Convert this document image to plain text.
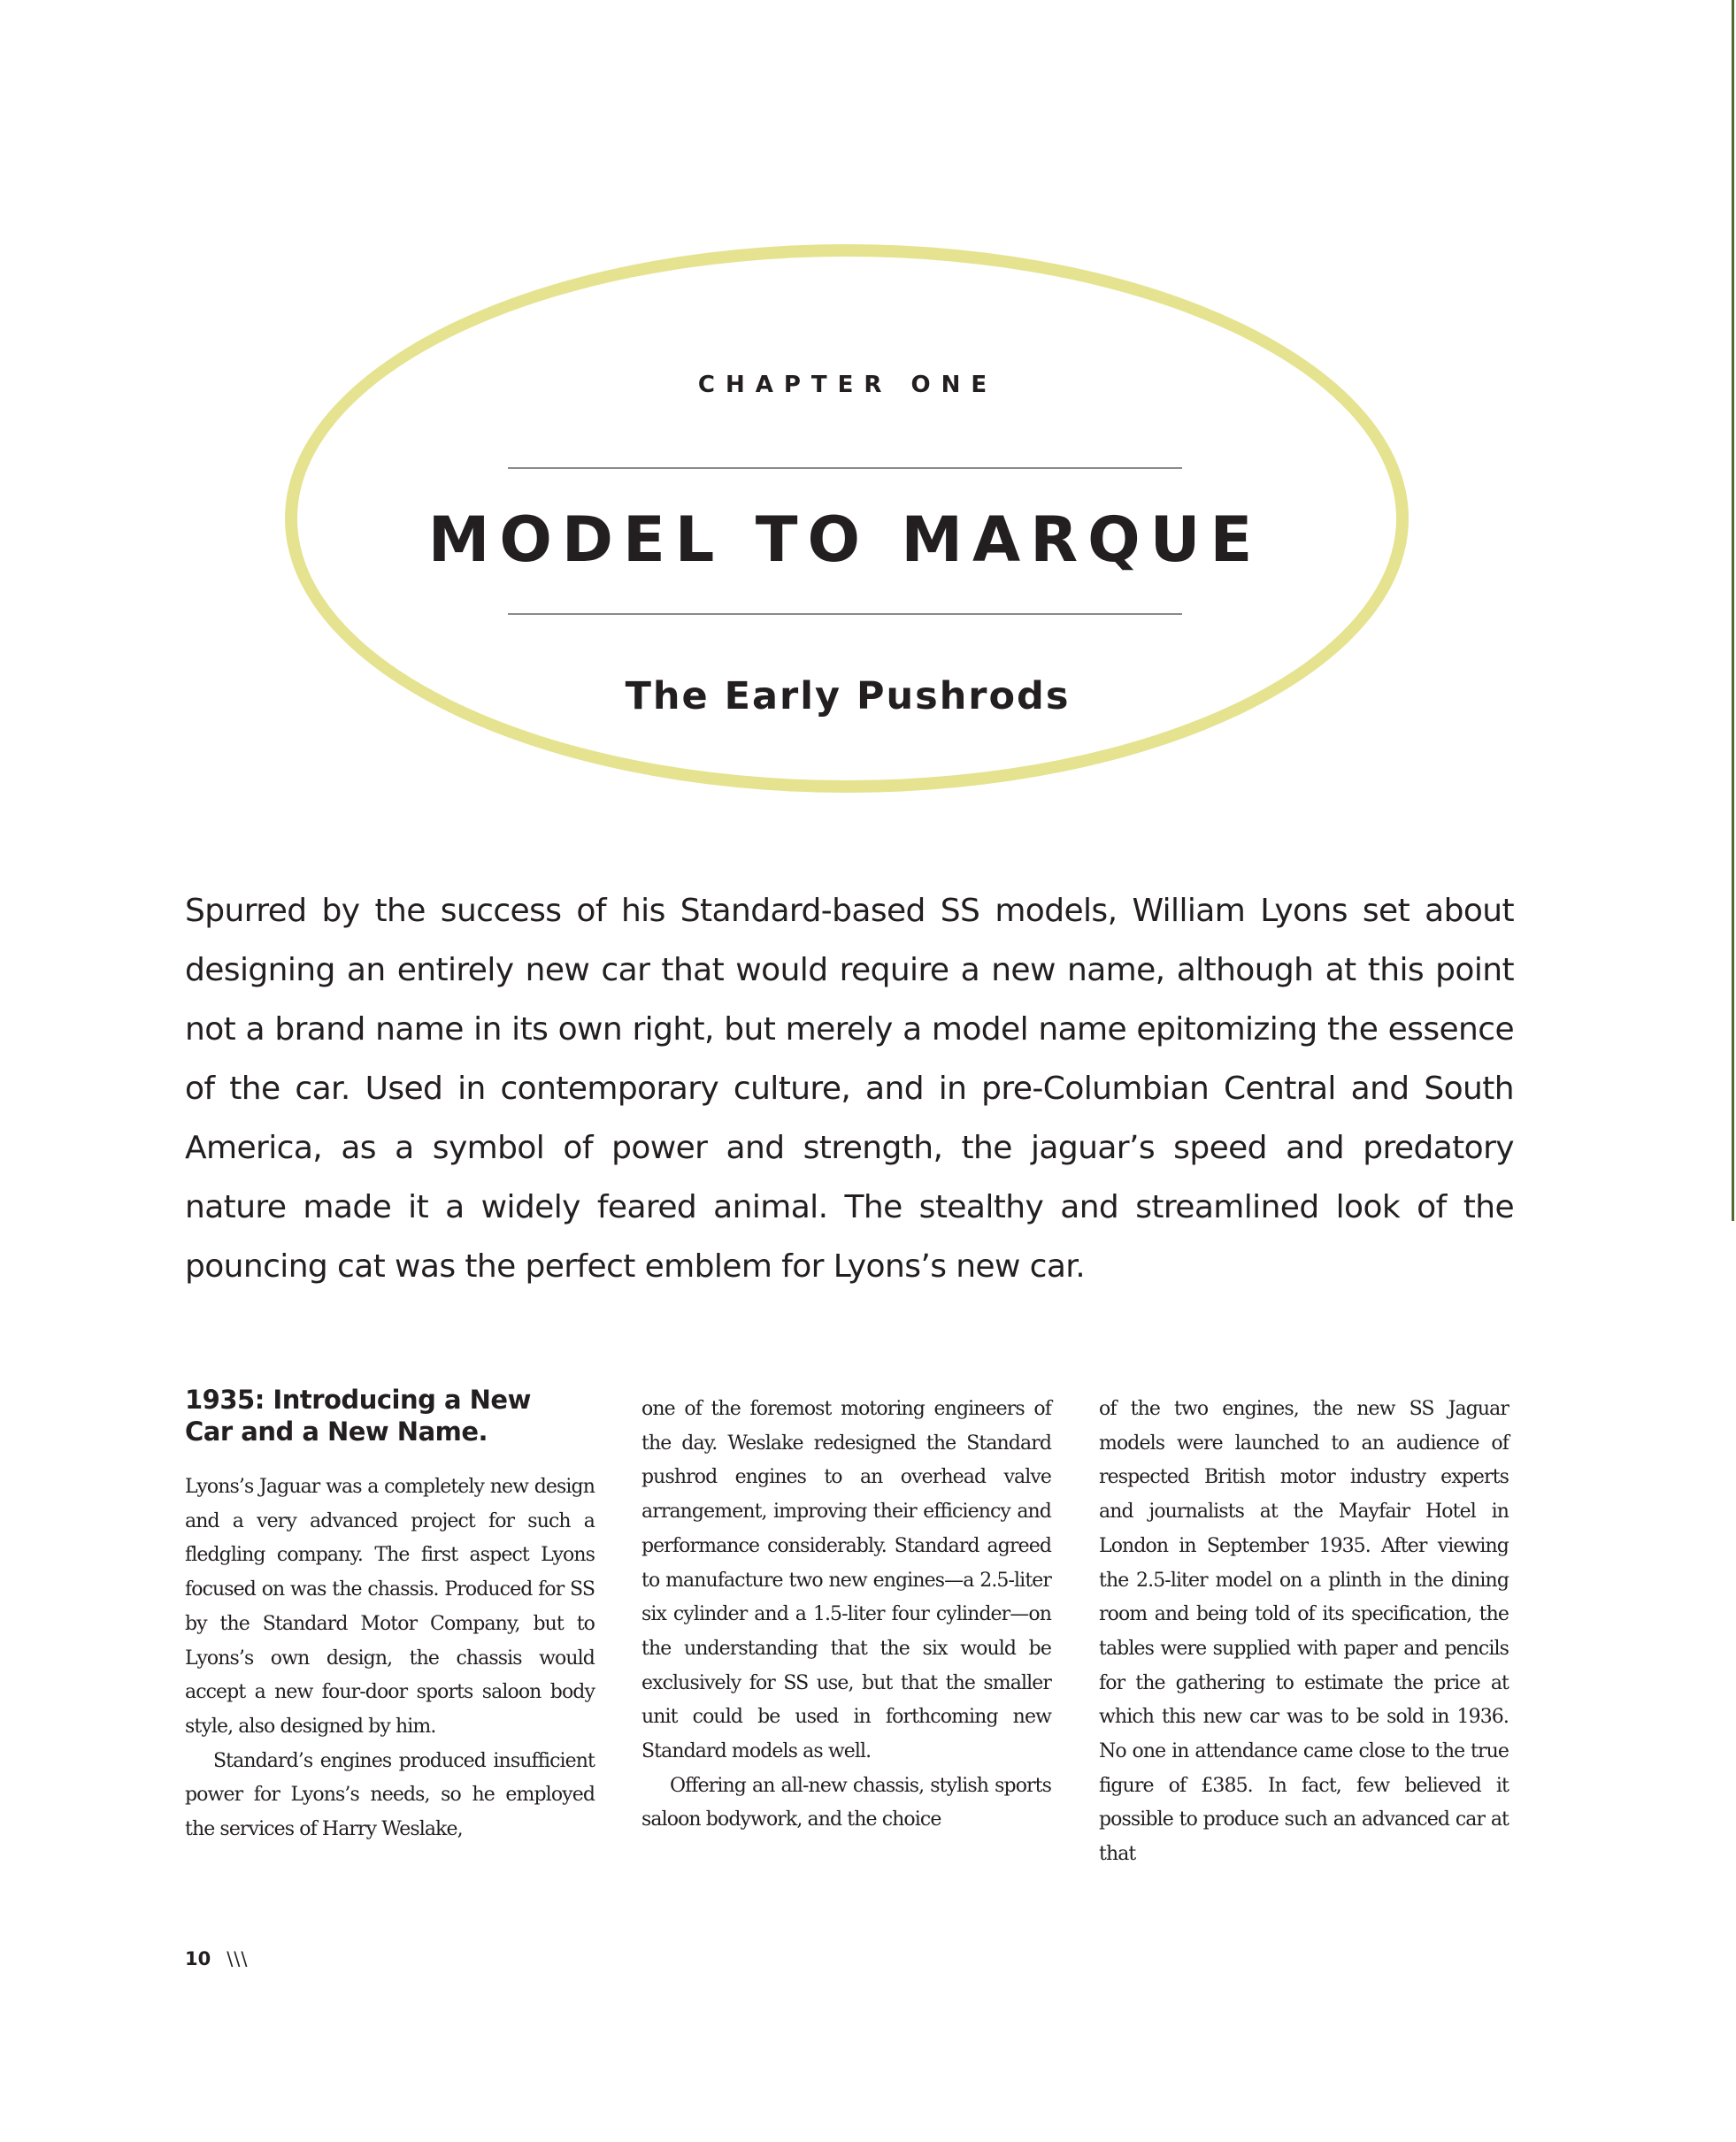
CHAPTER ONE
MODEL TO MARQUE
The Early Pushrods

Spurred by the success of his Standard-based SS models, William Lyons set about designing an entirely new car that would require a new name, although at this point not a brand name in its own right, but merely a model name epitomizing the essence of the car. Used in contemporary culture, and in pre-Columbian Central and South America, as a symbol of power and strength, the jaguar’s speed and predatory nature made it a widely feared animal. The stealthy and streamlined look of the pouncing cat was the perfect emblem for Lyons’s new car.

1935: Introducing a New
Car and a New Name.

Lyons’s Jaguar was a completely new design and a very advanced project for such a fledgling company. The first aspect Lyons focused on was the chassis. Produced for SS by the Standard Motor Company, but to Lyons’s own design, the chassis would accept a new four-door sports saloon body style, also designed by him.

Standard’s engines produced insufficient power for Lyons’s needs, so he employed the services of Harry Weslake,

one of the foremost motoring engineers of the day. Weslake redesigned the Standard pushrod engines to an overhead valve arrangement, improving their efficiency and performance considerably. Standard agreed to manufacture two new engines—a 2.5-liter six cylinder and a 1.5-liter four cylinder—on the understanding that the six would be exclusively for SS use, but that the smaller unit could be used in forthcoming new Standard models as well.

Offering an all-new chassis, stylish sports saloon bodywork, and the choice

of the two engines, the new SS Jaguar models were launched to an audience of respected British motor industry experts and journalists at the Mayfair Hotel in London in September 1935. After viewing the 2.5-liter model on a plinth in the dining room and being told of its specification, the tables were supplied with paper and pencils for the gathering to estimate the price at which this new car was to be sold in 1936. No one in attendance came close to the true figure of £385. In fact, few believed it possible to produce such an advanced car at that

10 \\\
